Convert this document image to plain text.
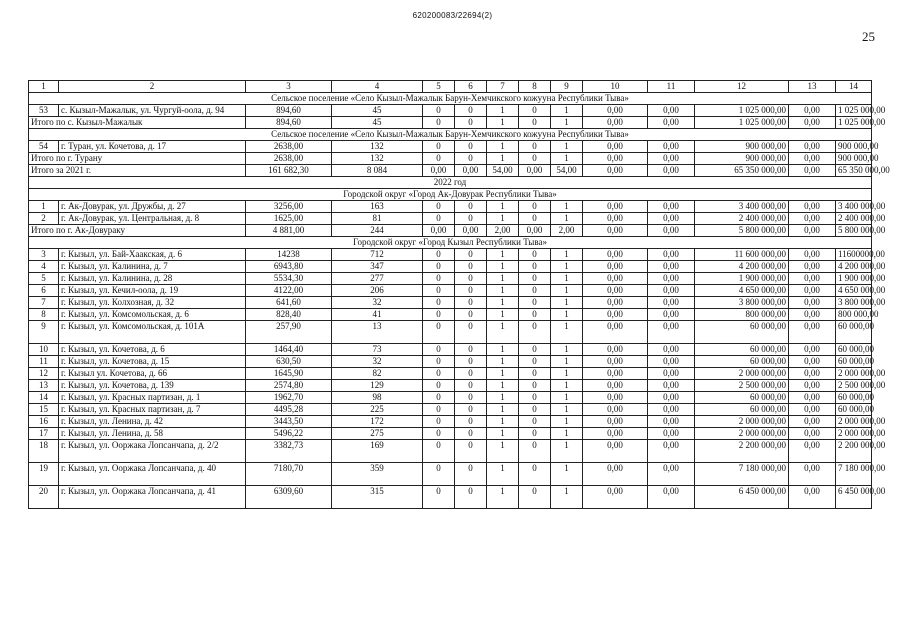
620200083/22694(2)
25
1	2	3	4	5	6	7	8	9	10	11	12	13	14
Сельское поселение «Село Кызыл-Мажалык Барун-Хемчикского кожууна Республики Тыва»													
53	с. Кызыл-Мажалык, ул. Чургуй-оола, д. 94	894,60	45	0	0	1	0	1	0,00	0,00	1 025 000,00	0,00	1 025 000,00
Итого по с. Кызыл-Мажалык		894,60	45	0	0	1	0	1	0,00	0,00	1 025 000,00	0,00	1 025 000,00
Сельское поселение «Село Кызыл-Мажалык Барун-Хемчикского кожууна Республики Тыва»													
54	г. Туран, ул. Кочетова, д. 17	2638,00	132	0	0	1	0	1	0,00	0,00	900 000,00	0,00	900 000,00
Итого по г. Турану		2638,00	132	0	0	1	0	1	0,00	0,00	900 000,00	0,00	900 000,00
Итого за 2021 г.		161 682,30	8 084	0,00	0,00	54,00	0,00	54,00	0,00	0,00	65 350 000,00	0,00	65 350 000,00
2022 год													
Городской округ «Город Ак-Довурак Республики Тыва»													
1	г. Ак-Довурак, ул. Дружбы, д. 27	3256,00	163	0	0	1	0	1	0,00	0,00	3 400 000,00	0,00	3 400 000,00
2	г. Ак-Довурак, ул. Центральная, д. 8	1625,00	81	0	0	1	0	1	0,00	0,00	2 400 000,00	0,00	2 400 000,00
Итого по г. Ак-Довураку		4 881,00	244	0,00	0,00	2,00	0,00	2,00	0,00	0,00	5 800 000,00	0,00	5 800 000,00
Городской округ «Город Кызыл Республики Тыва»													
3	г. Кызыл, ул. Бай-Хаакская, д. 6	14238	712	0	0	1	0	1	0,00	0,00	11 600 000,00	0,00	11600000,00
4	г. Кызыл, ул. Калинина, д. 7	6943,80	347	0	0	1	0	1	0,00	0,00	4 200 000,00	0,00	4 200 000,00
5	г. Кызыл, ул. Калинина, д. 28	5534,30	277	0	0	1	0	1	0,00	0,00	1 900 000,00	0,00	1 900 000,00
6	г. Кызыл, ул. Кечил-оола, д. 19	4122,00	206	0	0	1	0	1	0,00	0,00	4 650 000,00	0,00	4 650 000,00
7	г. Кызыл, ул. Колхозная, д. 32	641,60	32	0	0	1	0	1	0,00	0,00	3 800 000,00	0,00	3 800 000,00
8	г. Кызыл, ул. Комсомольская, д. 6	828,40	41	0	0	1	0	1	0,00	0,00	800 000,00	0,00	800 000,00
9	г. Кызыл, ул. Комсомольская, д. 101А	257,90	13	0	0	1	0	1	0,00	0,00	60 000,00	0,00	60 000,00
10	г. Кызыл, ул. Кочетова, д. 6	1464,40	73	0	0	1	0	1	0,00	0,00	60 000,00	0,00	60 000,00
11	г. Кызыл, ул. Кочетова, д. 15	630,50	32	0	0	1	0	1	0,00	0,00	60 000,00	0,00	60 000,00
12	г. Кызыл ул. Кочетова, д. 66	1645,90	82	0	0	1	0	1	0,00	0,00	2 000 000,00	0,00	2 000 000,00
13	г. Кызыл, ул. Кочетова, д. 139	2574,80	129	0	0	1	0	1	0,00	0,00	2 500 000,00	0,00	2 500 000,00
14	г. Кызыл, ул. Красных партизан, д. 1	1962,70	98	0	0	1	0	1	0,00	0,00	60 000,00	0,00	60 000,00
15	г. Кызыл, ул. Красных партизан, д. 7	4495,28	225	0	0	1	0	1	0,00	0,00	60 000,00	0,00	60 000,00
16	г. Кызыл, ул. Ленина, д. 42	3443,50	172	0	0	1	0	1	0,00	0,00	2 000 000,00	0,00	2 000 000,00
17	г. Кызыл, ул. Ленина, д. 58	5496,22	275	0	0	1	0	1	0,00	0,00	2 000 000,00	0,00	2 000 000,00
18	г. Кызыл, ул. Ооржака Лопсанчапа, д. 2/2	3382,73	169	0	0	1	0	1	0,00	0,00	2 200 000,00	0,00	2 200 000,00
19	г. Кызыл, ул. Ооржака Лопсанчапа, д. 40	7180,70	359	0	0	1	0	1	0,00	0,00	7 180 000,00	0,00	7 180 000,00
20	г. Кызыл, ул. Ооржака Лопсанчапа, д. 41	6309,60	315	0	0	1	0	1	0,00	0,00	6 450 000,00	0,00	6 450 000,00
